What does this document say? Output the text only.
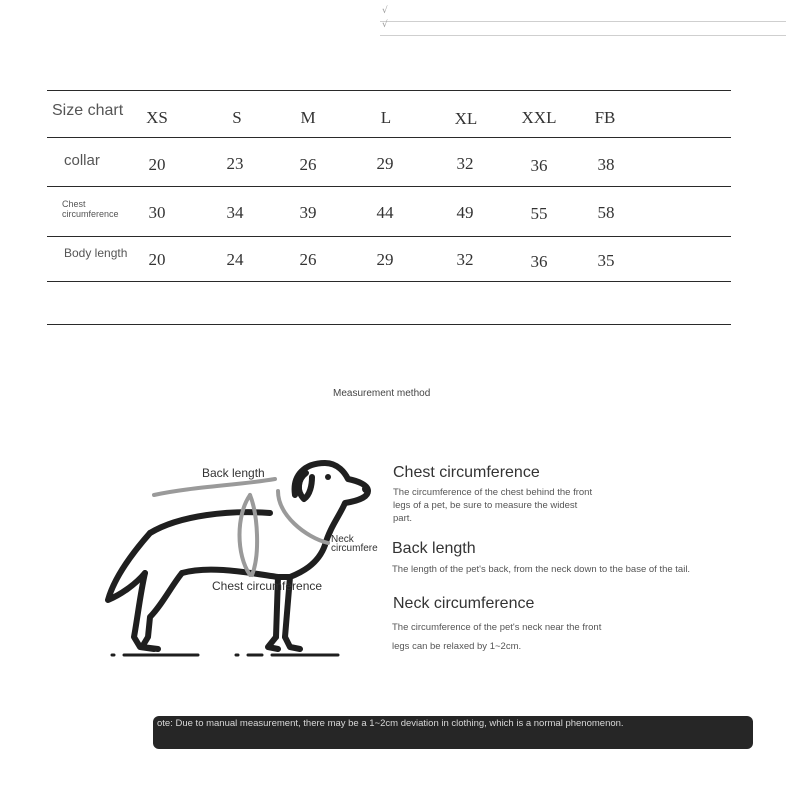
√
√
Size chart	XS	S	M	L	XL	XXL	FB
collar	20	23	26	29	32	36	38
Chest
circumference	30	34	39	44	49	55	58
Body length	20	24	26	29	32	36	35
Measurement method
Back length
Neck
circumfere
Chest circumference
Chest circumference
The circumference of the chest behind the front
legs of a pet, be sure to measure the widest
part.
Back length
The length of the pet's back, from the neck down to the base of the tail.
Neck circumference
The circumference of the pet's neck near the front
legs can be relaxed by 1~2cm.
ote: Due to manual measurement, there may be a 1~2cm deviation in clothing, which is a normal phenomenon.
